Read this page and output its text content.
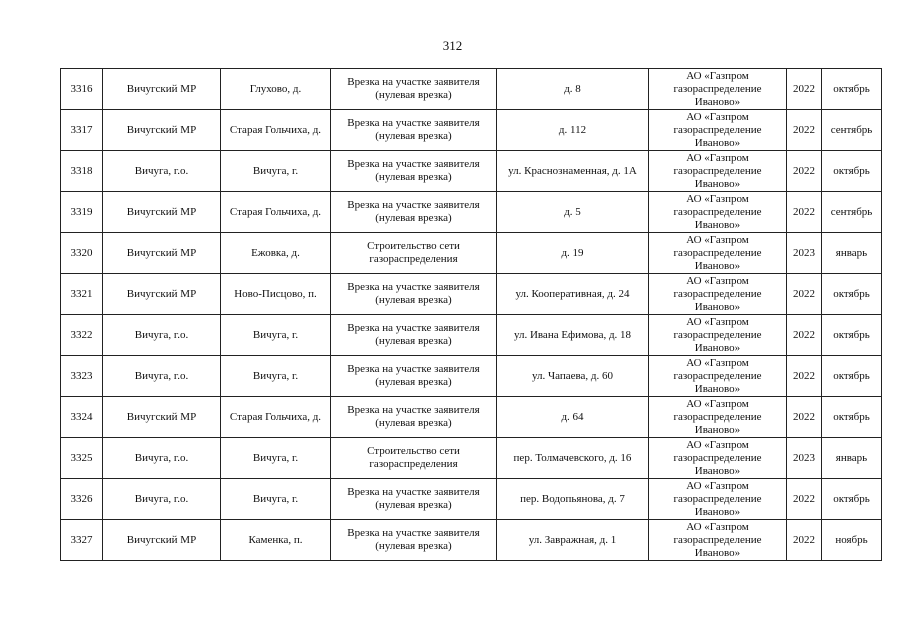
312
3316	Вичугский МР	Глухово, д.	Врезка на участке заявителя (нулевая врезка)	д. 8	АО «Газпром газораспределение Иваново»	2022	октябрь
3317	Вичугский МР	Старая Гольчиха, д.	Врезка на участке заявителя (нулевая врезка)	д. 112	АО «Газпром газораспределение Иваново»	2022	сентябрь
3318	Вичуга, г.о.	Вичуга, г.	Врезка на участке заявителя (нулевая врезка)	ул. Краснознаменная, д. 1А	АО «Газпром газораспределение Иваново»	2022	октябрь
3319	Вичугский МР	Старая Гольчиха, д.	Врезка на участке заявителя (нулевая врезка)	д. 5	АО «Газпром газораспределение Иваново»	2022	сентябрь
3320	Вичугский МР	Ежовка, д.	Строительство сети газораспределения	д. 19	АО «Газпром газораспределение Иваново»	2023	январь
3321	Вичугский МР	Ново-Писцово, п.	Врезка на участке заявителя (нулевая врезка)	ул. Кооперативная, д. 24	АО «Газпром газораспределение Иваново»	2022	октябрь
3322	Вичуга, г.о.	Вичуга, г.	Врезка на участке заявителя (нулевая врезка)	ул. Ивана Ефимова, д. 18	АО «Газпром газораспределение Иваново»	2022	октябрь
3323	Вичуга, г.о.	Вичуга, г.	Врезка на участке заявителя (нулевая врезка)	ул. Чапаева, д. 60	АО «Газпром газораспределение Иваново»	2022	октябрь
3324	Вичугский МР	Старая Гольчиха, д.	Врезка на участке заявителя (нулевая врезка)	д. 64	АО «Газпром газораспределение Иваново»	2022	октябрь
3325	Вичуга, г.о.	Вичуга, г.	Строительство сети газораспределения	пер. Толмачевского, д. 16	АО «Газпром газораспределение Иваново»	2023	январь
3326	Вичуга, г.о.	Вичуга, г.	Врезка на участке заявителя (нулевая врезка)	пер. Водопьянова, д. 7	АО «Газпром газораспределение Иваново»	2022	октябрь
3327	Вичугский МР	Каменка, п.	Врезка на участке заявителя (нулевая врезка)	ул. Завражная, д. 1	АО «Газпром газораспределение Иваново»	2022	ноябрь
